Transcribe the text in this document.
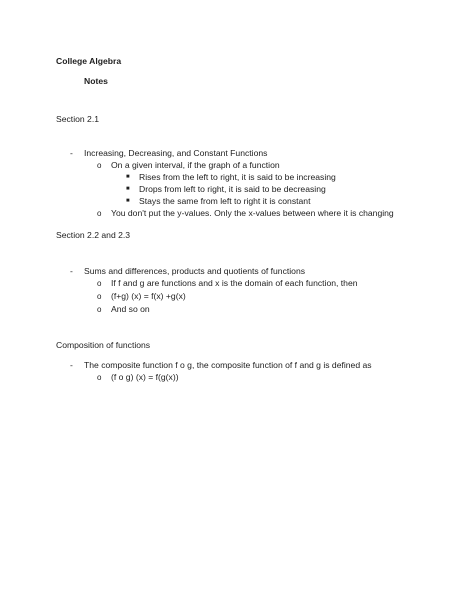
College Algebra
Notes
Section 2.1
-	Increasing, Decreasing, and Constant Functions
o On a given interval, if the graph of a function
■ Rises from the left to right, it is said to be increasing
■ Drops from left to right, it is said to be decreasing
■ Stays the same from left to right it is constant
o You don't put the y-values. Only the x-values between where it is changing
Section 2.2 and 2.3
-	Sums and differences, products and quotients of functions
o If f and g are functions and x is the domain of each function, then
o (f+g) (x) = f(x) +g(x)
o And so on
Composition of functions
-	The composite function f o g, the composite function of f and g is defined as
o (f o g) (x) = f(g(x))
